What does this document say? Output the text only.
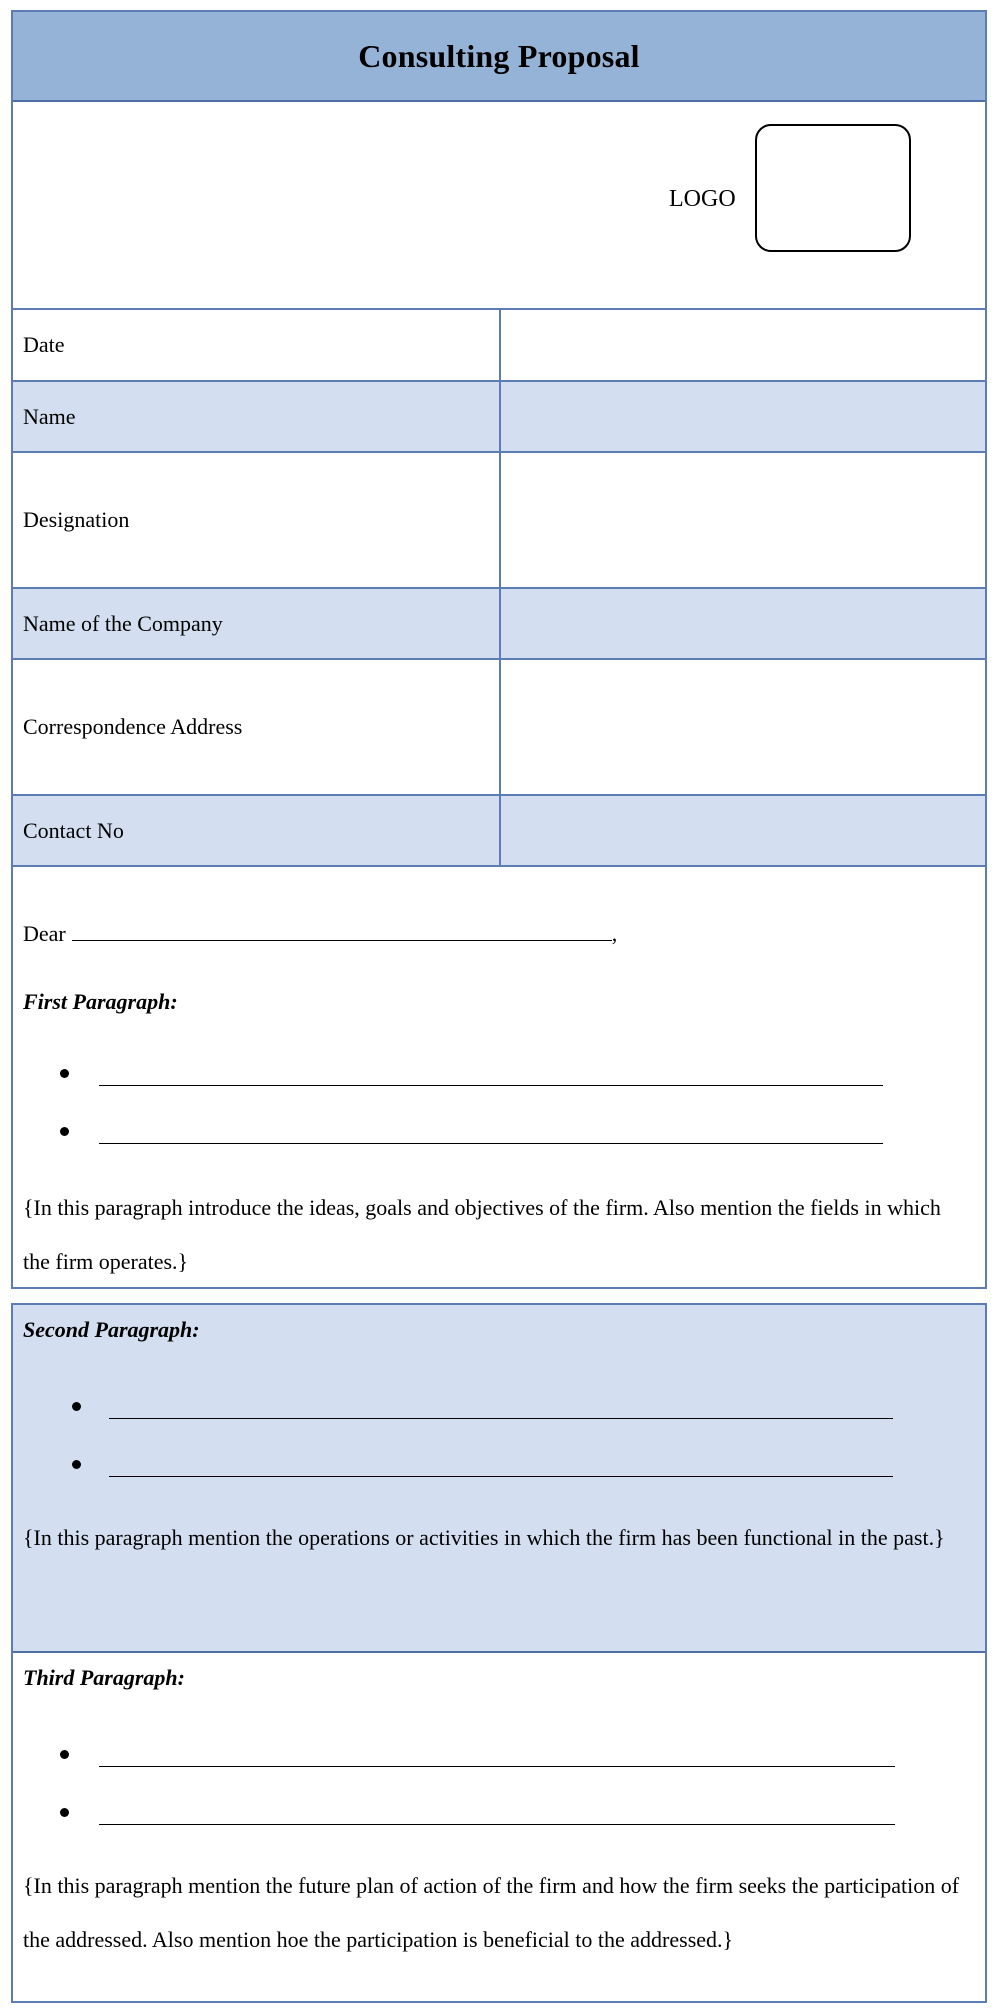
Consulting Proposal
LOGO
Date
Name
Designation
Name of the Company
Correspondence Address
Contact No
Dear	,
First Paragraph:
{In this paragraph introduce the ideas, goals and objectives of the firm. Also mention the fields in which the firm operates.}
Second Paragraph:
{In this paragraph mention the operations or activities in which the firm has been functional in the past.}
Third Paragraph:
{In this paragraph mention the future plan of action of the firm and how the firm seeks the participation of the addressed. Also mention hoe the participation is beneficial to the addressed.}
